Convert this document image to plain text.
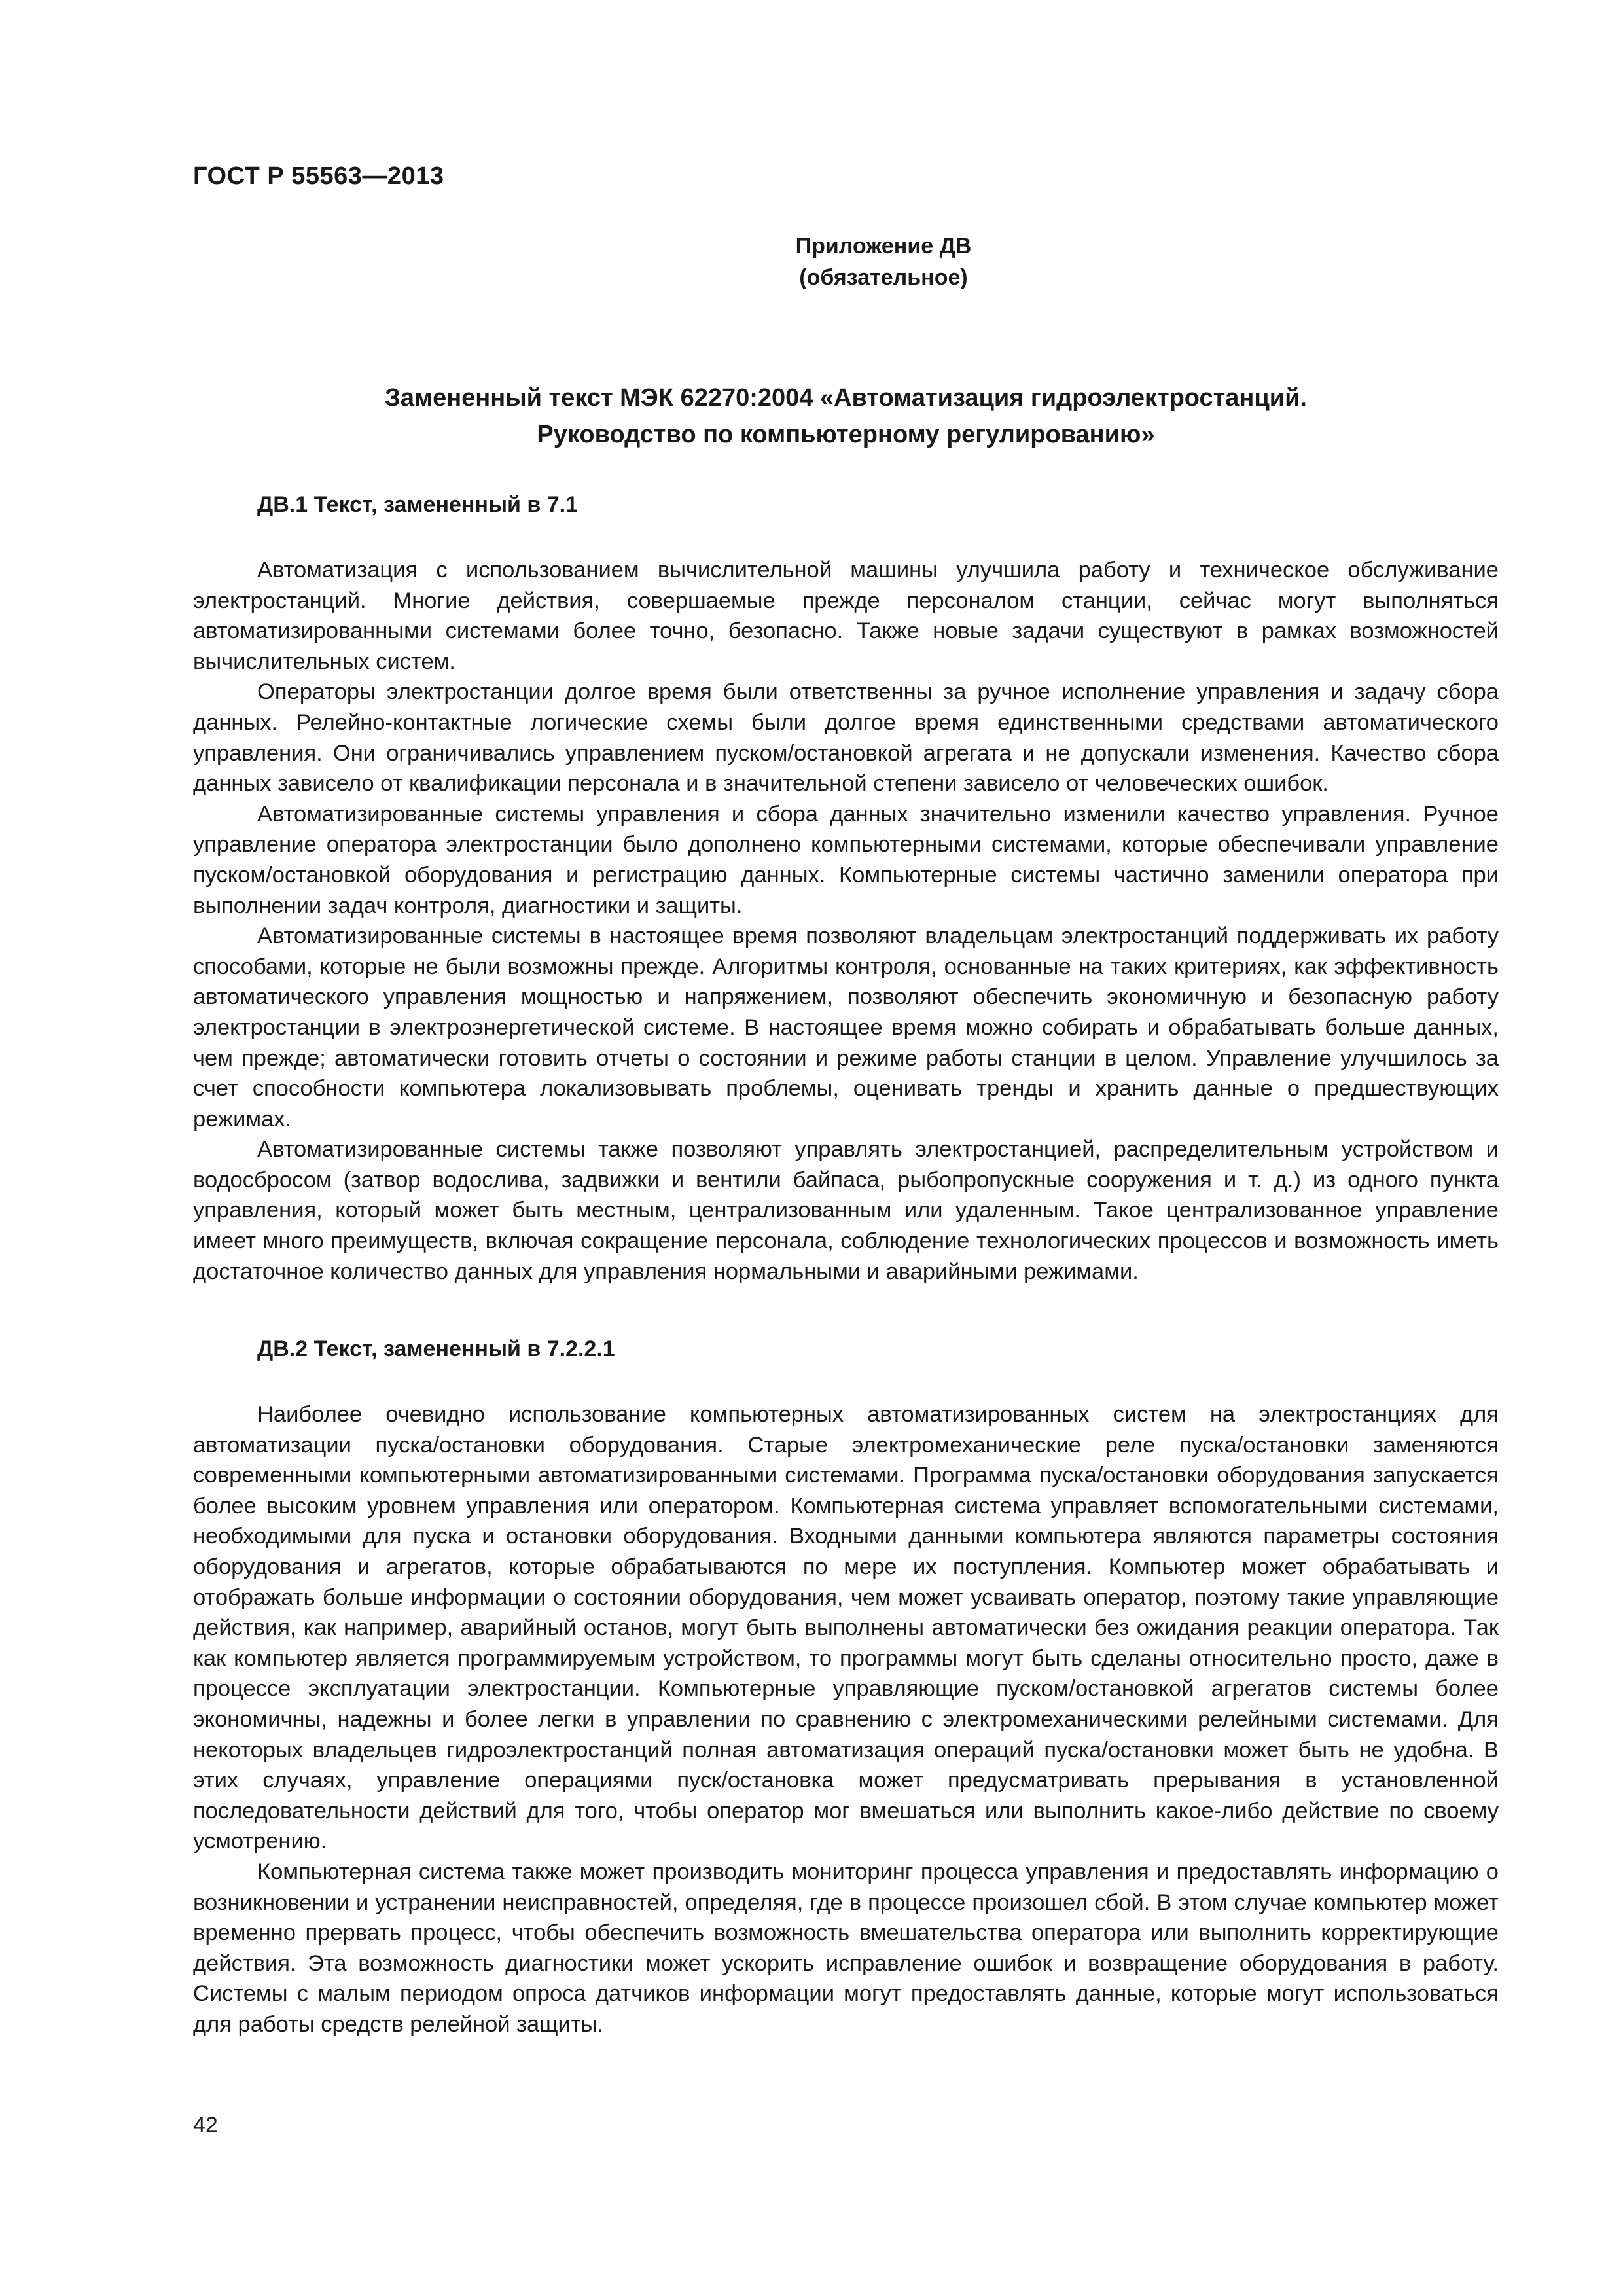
ГОСТ Р 55563—2013
Приложение ДВ
(обязательное)
Замененный текст МЭК 62270:2004 «Автоматизация гидроэлектростанций.
Руководство по компьютерному регулированию»
ДВ.1 Текст, замененный в 7.1

Автоматизация с использованием вычислительной машины улучшила работу и техническое обслуживание электростанций. Многие действия, совершаемые прежде персоналом станции, сейчас могут выполняться автоматизированными системами более точно, безопасно. Также новые задачи существуют в рамках возможностей вычислительных систем.

Операторы электростанции долгое время были ответственны за ручное исполнение управления и задачу сбора данных. Релейно-контактные логические схемы были долгое время единственными средствами автоматического управления. Они ограничивались управлением пуском/остановкой агрегата и не допускали изменения. Качество сбора данных зависело от квалификации персонала и в значительной степени зависело от человеческих ошибок.

Автоматизированные системы управления и сбора данных значительно изменили качество управления. Ручное управление оператора электростанции было дополнено компьютерными системами, которые обеспечивали управление пуском/остановкой оборудования и регистрацию данных. Компьютерные системы частично заменили оператора при выполнении задач контроля, диагностики и защиты.

Автоматизированные системы в настоящее время позволяют владельцам электростанций поддерживать их работу способами, которые не были возможны прежде. Алгоритмы контроля, основанные на таких критериях, как эффективность автоматического управления мощностью и напряжением, позволяют обеспечить экономичную и безопасную работу электростанции в электроэнергетической системе. В настоящее время можно собирать и обрабатывать больше данных, чем прежде; автоматически готовить отчеты о состоянии и режиме работы станции в целом. Управление улучшилось за счет способности компьютера локализовывать проблемы, оценивать тренды и хранить данные о предшествующих режимах.

Автоматизированные системы также позволяют управлять электростанцией, распределительным устройством и водосбросом (затвор водослива, задвижки и вентили байпаса, рыбопропускные сооружения и т. д.) из одного пункта управления, который может быть местным, централизованным или удаленным. Такое централизованное управление имеет много преимуществ, включая сокращение персонала, соблюдение технологических процессов и возможность иметь достаточное количество данных для управления нормальными и аварийными режимами.

ДВ.2 Текст, замененный в 7.2.2.1

Наиболее очевидно использование компьютерных автоматизированных систем на электростанциях для автоматизации пуска/остановки оборудования. Старые электромеханические реле пуска/остановки заменяются современными компьютерными автоматизированными системами. Программа пуска/остановки оборудования запускается более высоким уровнем управления или оператором. Компьютерная система управляет вспомогательными системами, необходимыми для пуска и остановки оборудования. Входными данными компьютера являются параметры состояния оборудования и агрегатов, которые обрабатываются по мере их поступления. Компьютер может обрабатывать и отображать больше информации о состоянии оборудования, чем может усваивать оператор, поэтому такие управляющие действия, как например, аварийный останов, могут быть выполнены автоматически без ожидания реакции оператора. Так как компьютер является программируемым устройством, то программы могут быть сделаны относительно просто, даже в процессе эксплуатации электростанции. Компьютерные управляющие пуском/остановкой агрегатов системы более экономичны, надежны и более легки в управлении по сравнению с электромеханическими релейными системами. Для некоторых владельцев гидроэлектростанций полная автоматизация операций пуска/остановки может быть не удобна. В этих случаях, управление операциями пуск/остановка может предусматривать прерывания в установленной последовательности действий для того, чтобы оператор мог вмешаться или выполнить какое-либо действие по своему усмотрению.

Компьютерная система также может производить мониторинг процесса управления и предоставлять информацию о возникновении и устранении неисправностей, определяя, где в процессе произошел сбой. В этом случае компьютер может временно прервать процесс, чтобы обеспечить возможность вмешательства оператора или выполнить корректирующие действия. Эта возможность диагностики может ускорить исправление ошибок и возвращение оборудования в работу. Системы с малым периодом опроса датчиков информации могут предоставлять данные, которые могут использоваться для работы средств релейной защиты.

42
